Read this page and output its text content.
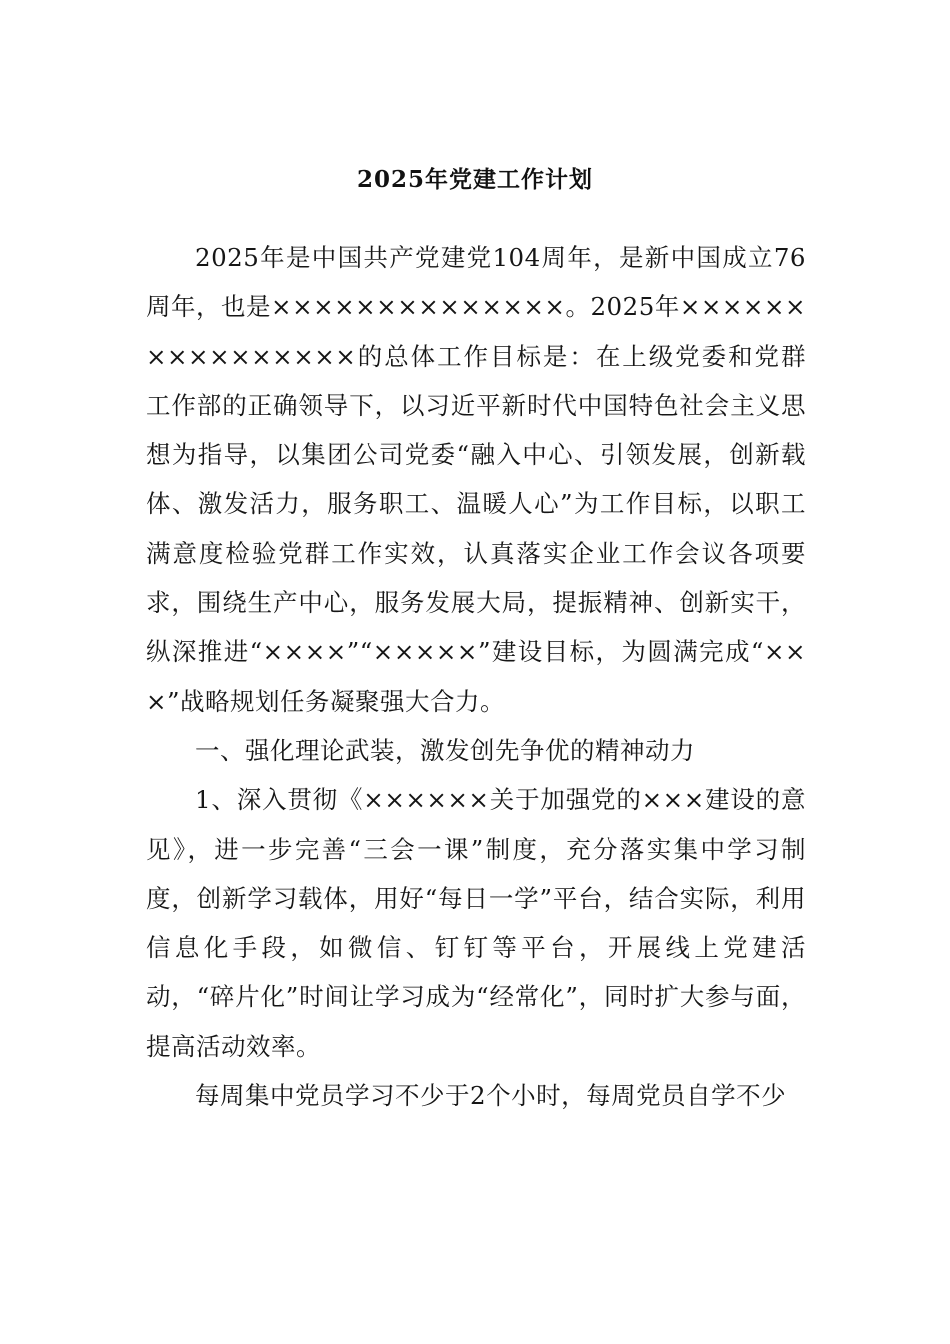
2025年党建工作计划

2025年是中国共产党建党104周年，是新中国成立76周年，也是××××××××××××××。2025年××××××××××××××××的总体工作目标是：在上级党委和党群工作部的正确领导下，以习近平新时代中国特色社会主义思想为指导，以集团公司党委“融入中心、引领发展，创新载体、激发活力，服务职工、温暖人心”为工作目标，以职工满意度检验党群工作实效，认真落实企业工作会议各项要求，围绕生产中心，服务发展大局，提振精神、创新实干，纵深推进“××××”“×××××”建设目标，为圆满完成“×××”战略规划任务凝聚强大合力。

一、强化理论武装，激发创先争优的精神动力

1、深入贯彻《××××××关于加强党的×××建设的意见》，进一步完善“三会一课”制度，充分落实集中学习制度，创新学习载体，用好“每日一学”平台，结合实际，利用信息化手段，如微信、钉钉等平台，开展线上党建活动，“碎片化”时间让学习成为“经常化”，同时扩大参与面，提高活动效率。

每周集中党员学习不少于2个小时，每周党员自学不少
